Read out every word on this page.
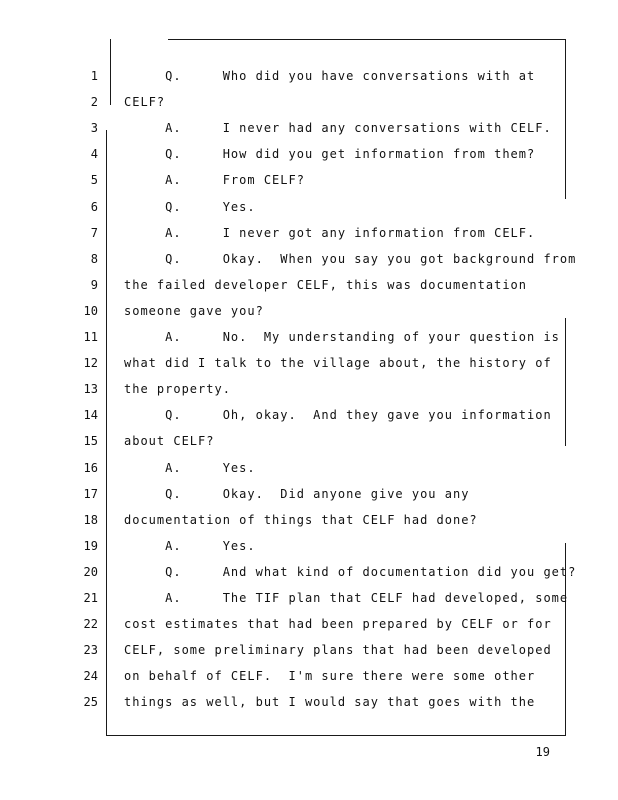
1 Q.     Who did you have conversations with at
2 CELF?
3 A.     I never had any conversations with CELF.
4 Q.     How did you get information from them?
5 A.     From CELF?
6 Q.     Yes.
7 A.     I never got any information from CELF.
8 Q.     Okay.  When you say you got background from
9 the failed developer CELF, this was documentation
10 someone gave you?
11 A.     No.  My understanding of your question is
12 what did I talk to the village about, the history of
13 the property.
14 Q.     Oh, okay.  And they gave you information
15 about CELF?
16 A.     Yes.
17 Q.     Okay.  Did anyone give you any
18 documentation of things that CELF had done?
19 A.     Yes.
20 Q.     And what kind of documentation did you get?
21 A.     The TIF plan that CELF had developed, some
22 cost estimates that had been prepared by CELF or for
23 CELF, some preliminary plans that had been developed
24 on behalf of CELF.  I'm sure there were some other
25 things as well, but I would say that goes with the
19
